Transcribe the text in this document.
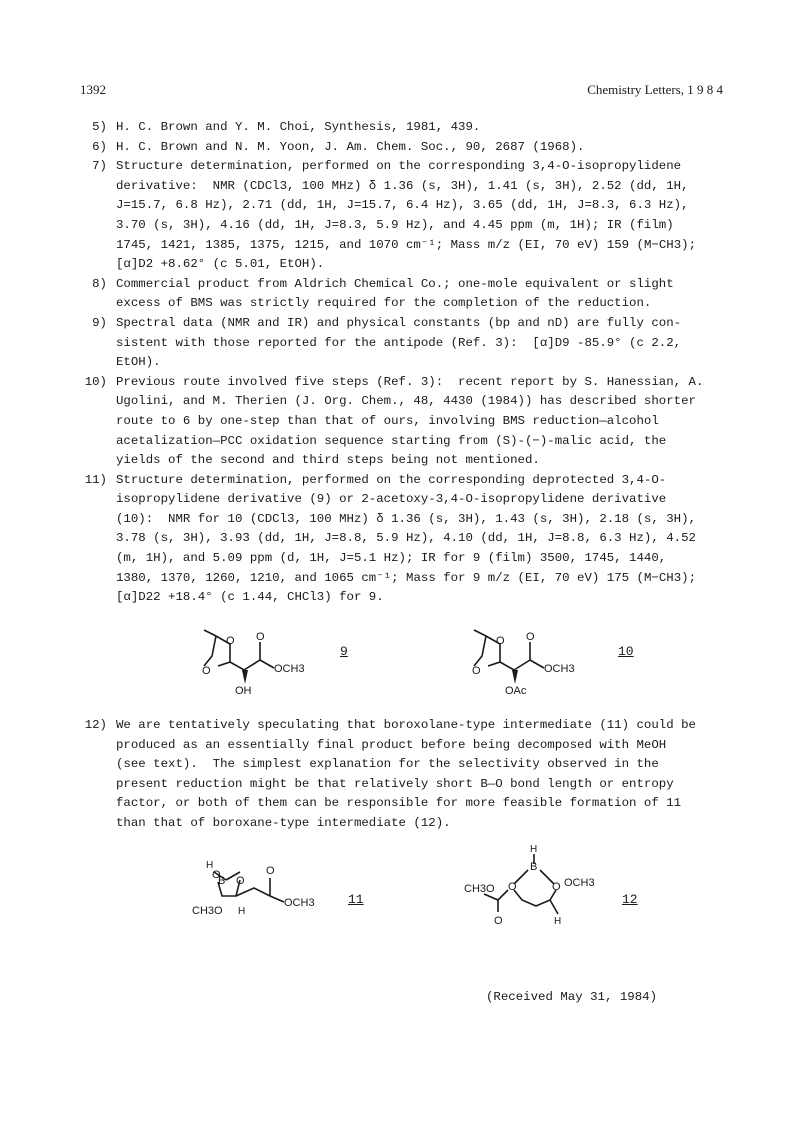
1392	Chemistry Letters, 1 9 8 4
5) H. C. Brown and Y. M. Choi, Synthesis, 1981, 439.
6) H. C. Brown and N. M. Yoon, J. Am. Chem. Soc., 90, 2687 (1968).
7) Structure determination, performed on the corresponding 3,4-O-isopropylidene
derivative:  NMR (CDCl3, 100 MHz) δ 1.36 (s, 3H), 1.41 (s, 3H), 2.52 (dd, 1H,
J=15.7, 6.8 Hz), 2.71 (dd, 1H, J=15.7, 6.4 Hz), 3.65 (dd, 1H, J=8.3, 6.3 Hz),
3.70 (s, 3H), 4.16 (dd, 1H, J=8.3, 5.9 Hz), and 4.45 ppm (m, 1H); IR (film)
1745, 1421, 1385, 1375, 1215, and 1070 cm⁻¹; Mass m/z (EI, 70 eV) 159 (M−CH3);
[α]D2 +8.62° (c 5.01, EtOH).
8) Commercial product from Aldrich Chemical Co.; one-mole equivalent or slight
excess of BMS was strictly required for the completion of the reduction.
9) Spectral data (NMR and IR) and physical constants (bp and nD) are fully con-
sistent with those reported for the antipode (Ref. 3):  [α]D9 -85.9° (c 2.2,
EtOH).
10) Previous route involved five steps (Ref. 3):  recent report by S. Hanessian, A.
Ugolini, and M. Therien (J. Org. Chem., 48, 4430 (1984)) has described shorter
route to 6 by one-step than that of ours, involving BMS reduction—alcohol
acetalization—PCC oxidation sequence starting from (S)-(−)-malic acid, the
yields of the second and third steps being not mentioned.
11) Structure determination, performed on the corresponding deprotected 3,4-O-
isopropylidene derivative (9) or 2-acetoxy-3,4-O-isopropylidene derivative
(10):  NMR for 10 (CDCl3, 100 MHz) δ 1.36 (s, 3H), 1.43 (s, 3H), 2.18 (s, 3H),
3.78 (s, 3H), 3.93 (dd, 1H, J=8.8, 5.9 Hz), 4.10 (dd, 1H, J=8.8, 6.3 Hz), 4.52
(m, 1H), and 5.09 ppm (d, 1H, J=5.1 Hz); IR for 9 (film) 3500, 1745, 1440,
1380, 1370, 1260, 1210, and 1065 cm⁻¹; Mass for 9 m/z (EI, 70 eV) 175 (M−CH3);
[α]D22 +18.4° (c 1.44, CHCl3) for 9.
O
O
O
OCH3
OH
9
O
O
O
OCH3
OAc
10
12) We are tentatively speculating that boroxolane-type intermediate (11) could be
produced as an essentially final product before being decomposed with MeOH
(see text).  The simplest explanation for the selectivity observed in the
present reduction might be that relatively short B—O bond length or entropy
factor, or both of them can be responsible for more feasible formation of 11
than that of boroxane-type intermediate (12).
H
B O
O	O
OCH3
CH3O H
11
H
B
O	O
CH3O
O
OCH3
H
12
(Received May 31, 1984)
